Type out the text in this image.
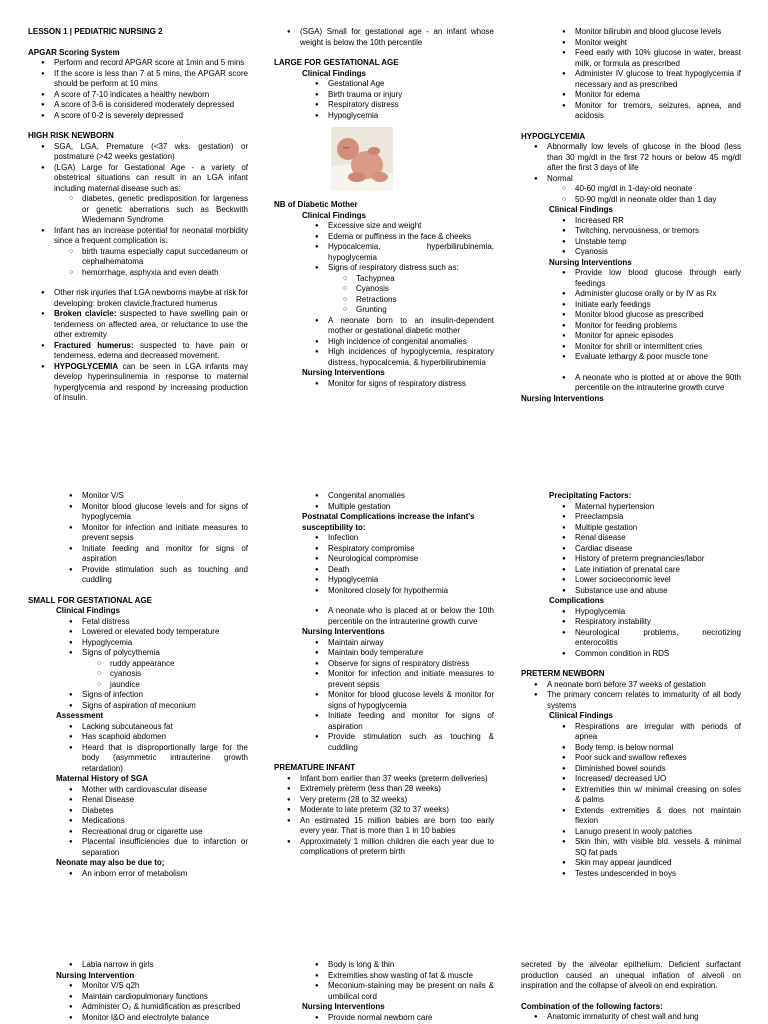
LESSON 1 | PEDIATRIC NURSING 2

APGAR Scoring System

● Perform and record APGAR score at 1min and 5 mins
● If the score is less than 7 at 5 mins, the APGAR score should be perform at 10 mins
● A score of 7-10 indicates a healthy newborn
● A score of 3-6 is considered moderately depressed
● A score of 0-2 is severely depressed

HIGH RISK NEWBORN

● SGA, LGA, Premature (<37 wks. gestation) or postmature (>42 weeks gestation)
● (LGA) Large for Gestational Age - a variety of obstetrical situations can result in an LGA infant including maternal disease such as:
○ diabetes, genetic predisposition for largeness or genetic aberrations such as Beckwith Wiedemann Syndrome
● Infant has an increase potential for neonatal morbidity since a frequent complication is:
○ birth trauma especially caput succedaneum or cephalhematoma
○ hemorrhage, asphyxia and even death
● Other risk injuries that LGA newborns maybe at risk for developing: broken clavicle,fractured humerus
● Broken clavicle: suspected to have swelling pain or tenderness on affected area, or reluctance to use the other extremity
● Fractured humerus: suspected to have pain or tenderness, edema and decreased movement.
● HYPOGLYCEMIA can be seen in LGA infants may develop hyperinsulinemia in response to maternal hyperglycemia and respond by increasing production of insulin.
● (SGA) Small for gestational age - an infant whose weight is below the 10th percentile

LARGE FOR GESTATIONAL AGE

Clinical Findings

● Gestational Age
● Birth trauma or injury
● Respiratory distress
● Hypoglycemia

NB of Diabetic Mother

Clinical Findings

● Excessive size and weight
● Edema or puffiness in the face & cheeks
● Hypocalcemia, hyperbilirubinemia, hypoglycemia
● Signs of respiratory distress such as:
○ Tachypnea
○ Cyanosis
○ Retractions
○ Grunting
● A neonate born to an insulin-dependent mother or gestational diabetic mother
● High incidence of congenital anomalies
● High incidences of hypoglycemia, respiratory distress, hypocalcemia, & hyperbilirubinemia

Nursing Interventions

● Monitor for signs of respiratory distress
● Monitor bilirubin and blood glucose levels
● Monitor weight
● Feed early with 10% glucose in water, breast milk, or formula as prescribed
● Administer IV glucose to treat hypoglycemia if necessary and as prescribed
● Monitor for edema
● Monitor for tremors, seizures, apnea, and acidosis

HYPOGLYCEMIA

● Abnormally low levels of glucose in the blood (less than 30 mg/dl in the first 72 hours or below 45 mg/dl after the first 3 days of life
● Normal
○ 40-60 mg/dl in 1-day-old neonate
○ 50-90 mg/dl in neonate older than 1 day

Clinical Findings

● Increased RR
● Twitching, nervousness, or tremors
● Unstable temp
● Cyanosis

Nursing Interventions

● Provide low blood glucose through early feedings
● Administer glucose orally or by IV as Rx
● Initiate early feedings
● Monitor blood glucose as prescribed
● Monitor for feeding problems
● Monitor for apneic episodes
● Monitor for shrill or intermittent cries
● Evaluate lethargy & poor muscle tone
● A neonate who is plotted at or above the 90th percentile on the intrauterine growth curve

Nursing Interventions

● Monitor V/S
● Monitor blood glucose levels and for signs of hypoglycemia
● Monitor for infection and initiate measures to prevent sepsis
● Initiate feeding and monitor for signs of aspiration
● Provide stimulation such as touching and cuddling

SMALL FOR GESTATIONAL AGE

Clinical Findings

● Fetal distress
● Lowered or elevated body temperature
● Hypoglycemia
● Signs of polycythemia
○ ruddy appearance
○ cyanosis
○ jaundice
● Signs of infection
● Signs of aspiration of meconium

Assessment

● Lacking subcutaneous fat
● Has scaphoid abdomen
● Heard that is disproportionally large for the body (asymmetric intrauterine growth retardation)

Maternal History of SGA

● Mother with cardiovascular disease
● Renal Disease
● Diabetes
● Medications
● Recreational drug or cigarette use
● Placental insufficiencies due to infarction or separation

Neonate may also be due to;

● An inborn error of metabolism
● Congenital anomalies
● Multiple gestation

Postnatal Complications increase the infant's susceptibility to:

● Infection
● Respiratory compromise
● Neurological compromise
● Death
● Hypoglycemia
● Monitored closely for hypothermia
● A neonate who is placed at or below the 10th percentile on the intrauterine growth curve

Nursing Interventions

● Maintain airway
● Maintain body temperature
● Observe for signs of respiratory distress
● Monitor for infection and initiate measures to prevent sepsis
● Monitor for blood glucose levels & monitor for signs of hypoglycemia
● Initiate feeding and monitor for signs of aspiration
● Provide stimulation such as touching & cuddling

PREMATURE INFANT

● Infant born earlier than 37 weeks (preterm deliveries)
● Extremely preterm (less than 28 weeks)
● Very preterm (28 to 32 weeks)
● Moderate to late preterm (32 to 37 weeks)
● An estimated 15 million babies are born too early every year. That is more than 1 in 10 babies
● Approximately 1 million children die each year due to complications of preterm birth

Precipitating Factors:

● Maternal hypertension
● Preeclampsia
● Multiple gestation
● Renal disease
● Cardiac disease
● History of preterm pregnancies/labor
● Late initiation of prenatal care
● Lower socioeconomic level
● Substance use and abuse

Complications

● Hypoglycemia
● Respiratory instability
● Neurological problems, necrotizing enterocolitis
● Common condition in RDS

PRETERM NEWBORN

● A neonate born before 37 weeks of gestation
● The primary concern relates to immaturity of all body systems

Clinical Findings

● Respirations are irregular with periods of apnea
● Body temp. is below normal
● Poor suck and swallow reflexes
● Diminished bowel sounds
● Increased/ decreased UO
● Extremities thin w/ minimal creasing on soles & palms
● Extends extremities & does not maintain flexion
● Lanugo present in wooly patches
● Skin thin, with visible bld. vessels & minimal SQ fat pads
● Skin may appear jaundiced
● Testes undescended in boys
● Labia narrow in girls

Nursing Intervention

● Monitor V/S q2h
● Maintain cardiopulmonary functions
● Administer O₂ & humidification as prescribed
● Monitor I&O and electrolyte balance
● Body is long & thin
● Extremities show wasting of fat & muscle
● Meconium-staining may be present on nails & umbilical cord

Nursing Interventions

● Provide normal newborn care

secreted by the alveolar epithelium. Deficient surfactant production caused an unequal inflation of alveoli on inspiration and the collapse of alveoli on end expiration.

Combination of the following factors:

● Anatomic immaturity of chest wall and lung
